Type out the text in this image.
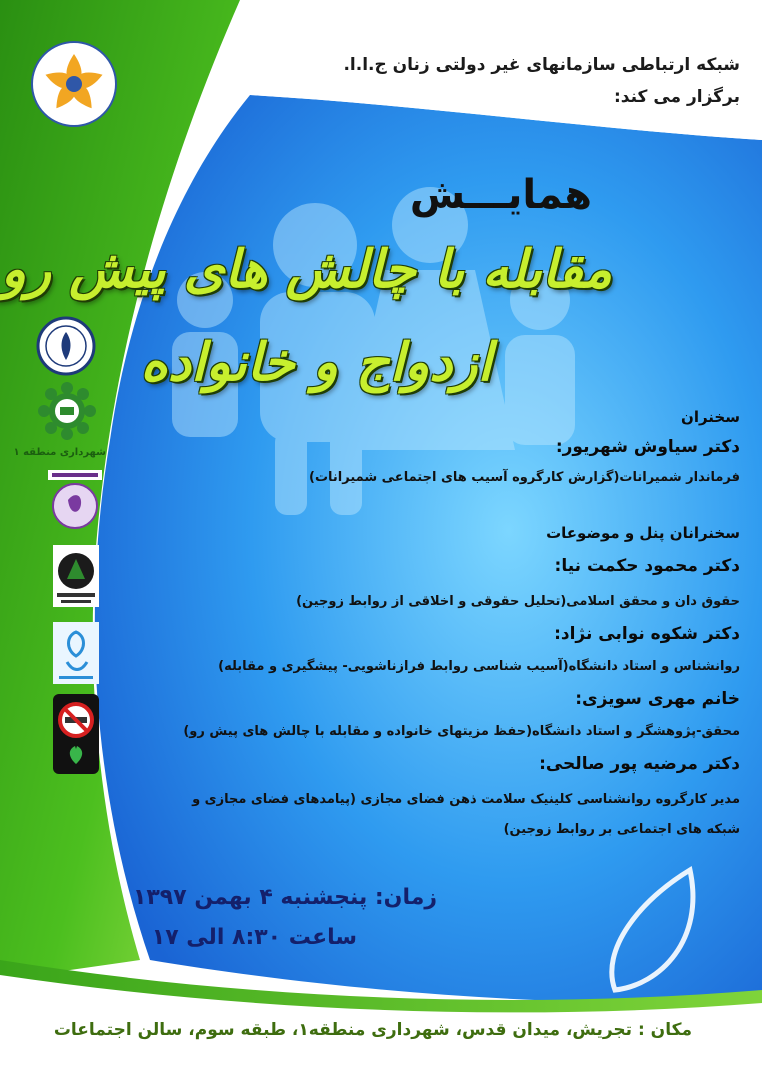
شهرداری منطقه ۱
شبکه ارتباطی سازمانهای غیر دولتی زنان ج.ا.ا.
برگزار می کند:
همایـــش
مقابله با چالش های پیش رو
ازدواج و خانواده
سخنران
دکتر سیاوش شهریور:
فرماندار شمیرانات(گزارش کارگروه آسیب های اجتماعی شمیرانات)
سخنرانان پنل و موضوعات
دکتر محمود حکمت نیا:
حقوق دان و محقق اسلامی(تحلیل حقوقی و اخلاقی از روابط زوجین)
دکتر شکوه نوابی نژاد:
روانشناس و استاد دانشگاه(آسیب شناسی روابط فرازناشویی- پیشگیری و مقابله)
خانم مهری سویزی:
محقق-پژوهشگر و استاد دانشگاه(حفظ مزیتهای خانواده و مقابله با چالش های پیش رو)
دکتر مرضیه پور صالحی:
مدیر کارگروه روانشناسی کلینیک سلامت ذهن فضای مجازی (پیامدهای فضای مجازی و
شبکه های اجتماعی بر روابط زوجین)
زمان: پنجشنبه ۴ بهمن ۱۳۹۷
ساعت ۸:۳۰ الی ۱۷
مکان : تجریش، میدان قدس، شهرداری منطقه۱، طبقه سوم، سالن اجتماعات
